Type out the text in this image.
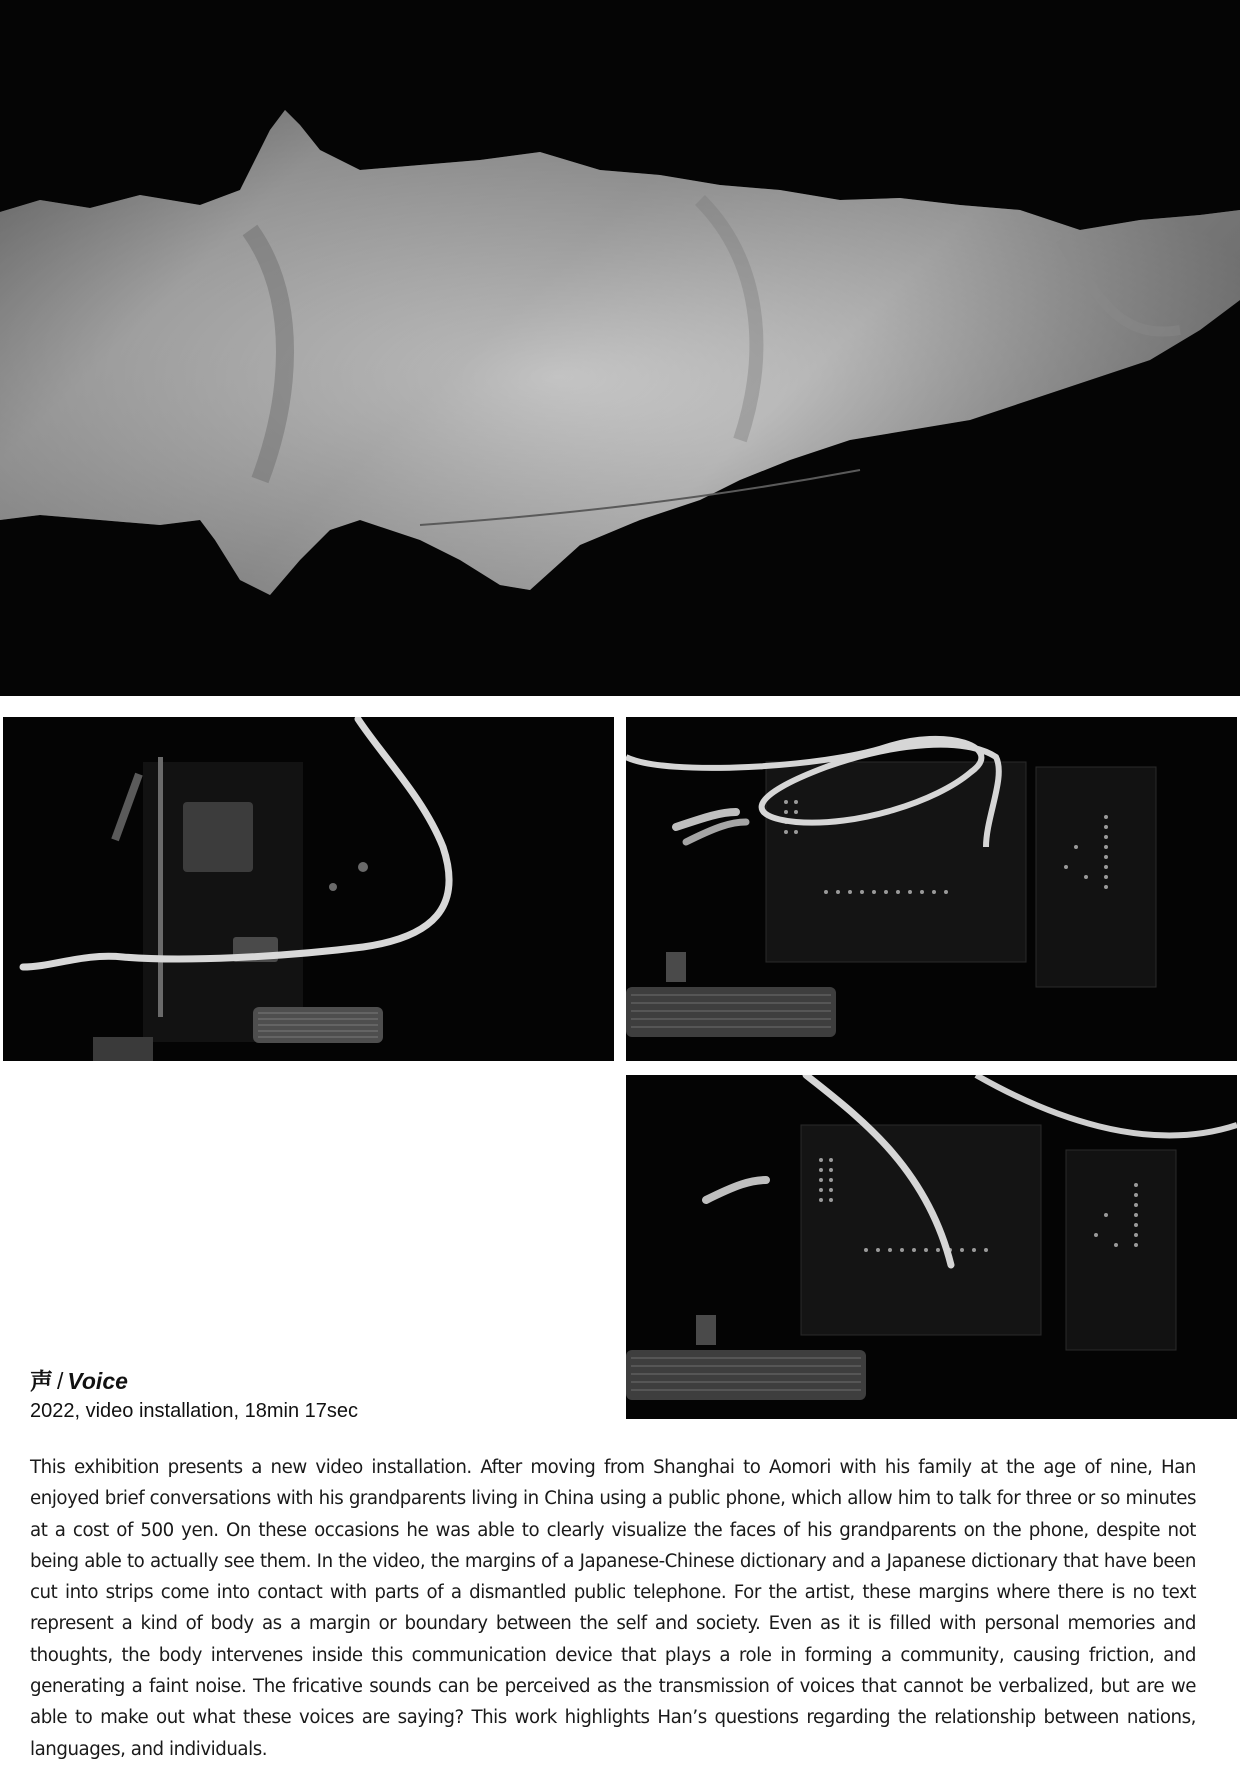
声 / Voice
2022, video installation, 18min 17sec

This exhibition presents a new video installation. After moving from Shanghai to Aomori with his family at the age of nine, Han enjoyed brief conversations with his grandparents living in China using a public phone, which allow him to talk for three or so minutes at a cost of 500 yen. On these occasions he was able to clearly visualize the faces of his grandparents on the phone, despite not being able to actually see them. In the video, the margins of a Japanese-Chinese dictionary and a Japanese dictionary that have been cut into strips come into contact with parts of a dismantled public telephone. For the artist, these margins where there is no text represent a kind of body as a margin or boundary between the self and society. Even as it is filled with personal memories and thoughts, the body intervenes inside this communication device that plays a role in forming a community, causing friction, and generating a faint noise. The fricative sounds can be perceived as the transmission of voices that cannot be verbalized, but are we able to make out what these voices are saying? This work highlights Han’s questions regarding the relationship between nations, languages, and individuals.
